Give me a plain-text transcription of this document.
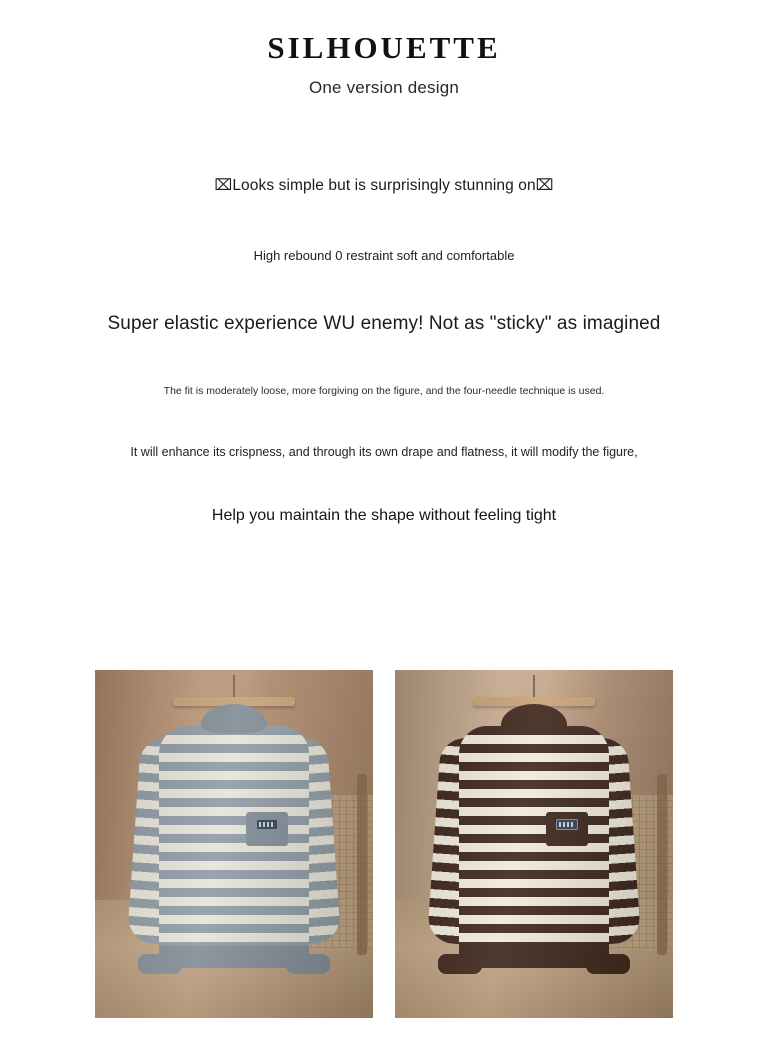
SILHOUETTE
One version design
⌧Looks simple but is surprisingly stunning on⌧
High rebound 0 restraint soft and comfortable
Super elastic experience WU enemy! Not as "sticky" as imagined
The fit is moderately loose, more forgiving on the figure, and the four-needle technique is used.
It will enhance its crispness, and through its own drape and flatness, it will modify the figure,
Help you maintain the shape without feeling tight
